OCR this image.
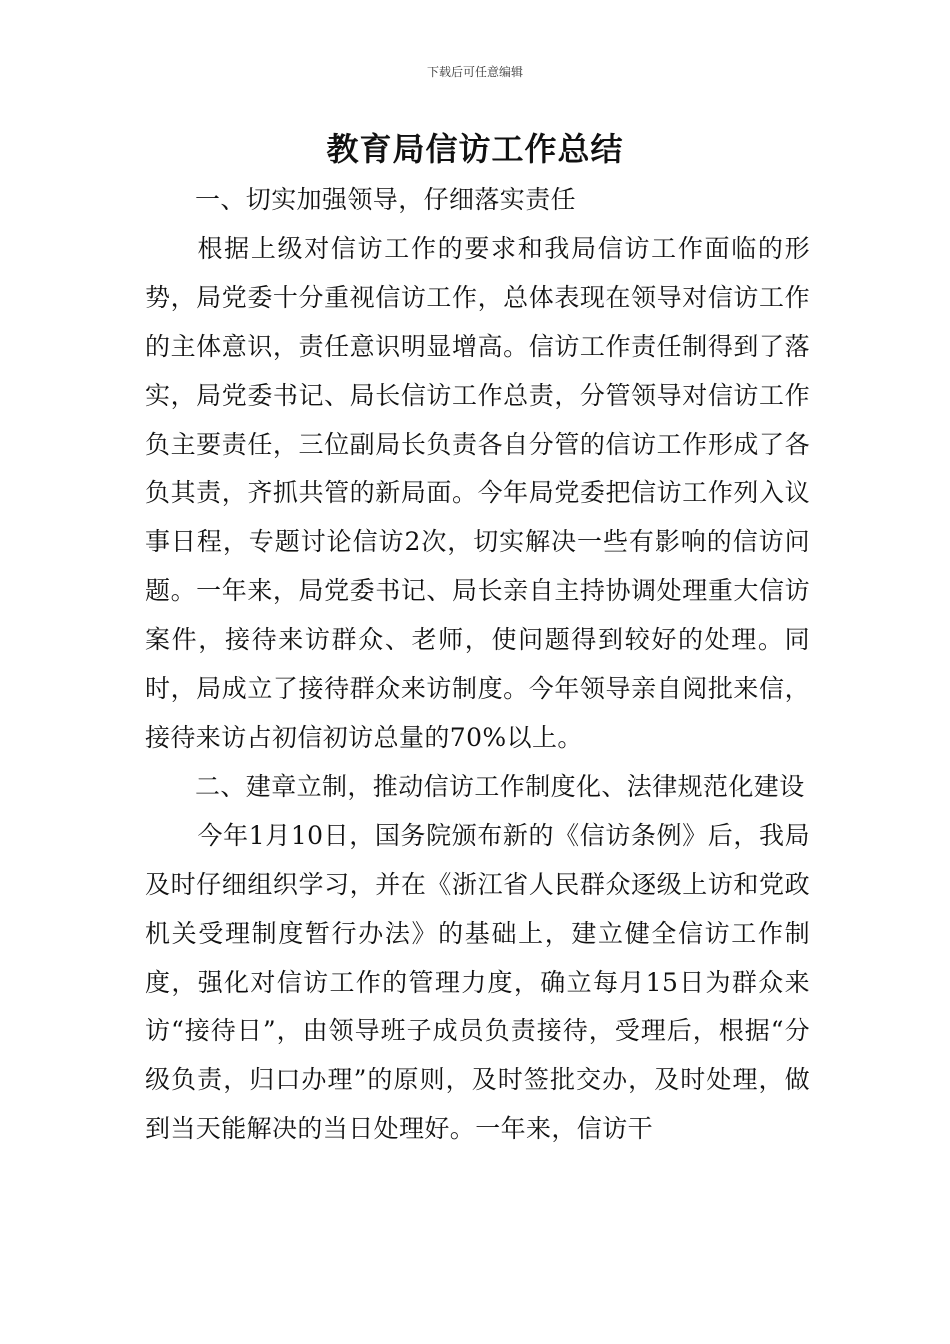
下载后可任意编辑
教育局信访工作总结

一、切实加强领导，仔细落实责任

根据上级对信访工作的要求和我局信访工作面临的形势，局党委十分重视信访工作，总体表现在领导对信访工作的主体意识，责任意识明显增高。信访工作责任制得到了落实，局党委书记、局长信访工作总责，分管领导对信访工作负主要责任，三位副局长负责各自分管的信访工作形成了各负其责，齐抓共管的新局面。今年局党委把信访工作列入议事日程，专题讨论信访2次，切实解决一些有影响的信访问题。一年来，局党委书记、局长亲自主持协调处理重大信访案件，接待来访群众、老师，使问题得到较好的处理。同时，局成立了接待群众来访制度。今年领导亲自阅批来信，接待来访占初信初访总量的70%以上。

二、建章立制，推动信访工作制度化、法律规范化建设

今年1月10日，国务院颁布新的《信访条例》后，我局及时仔细组织学习，并在《浙江省人民群众逐级上访和党政机关受理制度暂行办法》的基础上，建立健全信访工作制度，强化对信访工作的管理力度，确立每月15日为群众来访“接待日”，由领导班子成员负责接待，受理后，根据“分级负责，归口办理”的原则，及时签批交办，及时处理，做到当天能解决的当日处理好。一年来，信访干
